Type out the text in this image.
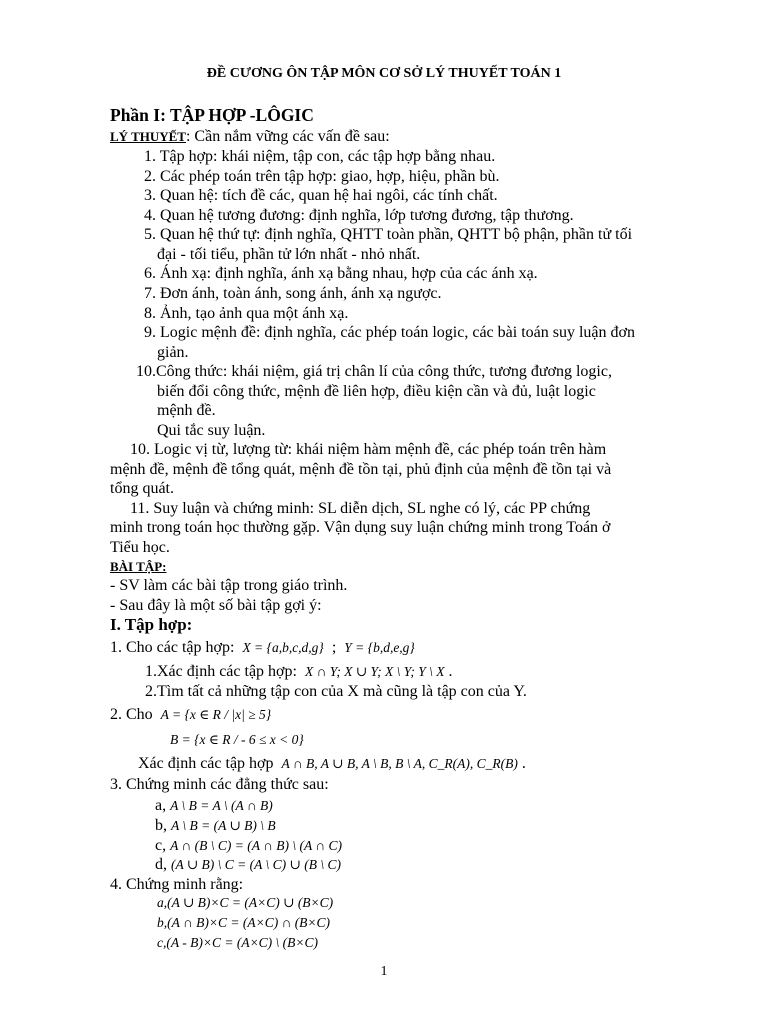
ĐỀ CƯƠNG ÔN TẬP MÔN CƠ SỞ LÝ THUYẾT TOÁN 1
Phần I: TẬP HỢP -LÔGIC
LÝ THUYẾT: Cần nắm vững các vấn đề sau:
1. Tập hợp: khái niệm, tập con, các tập hợp bằng nhau.
2. Các phép toán trên tập hợp: giao, hợp, hiệu, phần bù.
3. Quan hệ: tích đề các, quan hệ hai ngôi, các tính chất.
4. Quan hệ tương đương: định nghĩa, lớp tương đương, tập thương.
5. Quan hệ thứ tự: định nghĩa, QHTT toàn phần, QHTT bộ phận, phần tử tối
đại - tối tiểu, phần tử lớn nhất - nhỏ nhất.
6. Ánh xạ: định nghĩa, ánh xạ bằng nhau, hợp của các ánh xạ.
7. Đơn ánh, toàn ánh, song ánh, ánh xạ ngược.
8. Ảnh, tạo ảnh qua một ánh xạ.
9. Logic mệnh đề: định nghĩa, các phép toán logic, các bài toán suy luận đơn
giản.
10.Công thức: khái niệm, giá trị chân lí của công thức, tương đương logic,
biến đổi công thức, mệnh đề liên hợp, điều kiện cần và đủ, luật logic
mệnh đề.
Qui tắc suy luận.
10. Logic vị từ, lượng từ: khái niệm hàm mệnh đề, các phép toán trên hàm
mệnh đề, mệnh đề tổng quát, mệnh đề tồn tại, phủ định của mệnh đề tồn tại và
tổng quát.
11. Suy luận và chứng minh: SL diễn dịch, SL nghe có lý, các PP chứng
minh trong toán học thường gặp. Vận dụng suy luận chứng minh trong Toán ở
Tiểu học.
BÀI TẬP:
- SV làm các bài tập trong giáo trình.
- Sau đây là một số bài tập gợi ý:
I. Tập hợp:
1. Cho các tập hợp: X = {a,b,c,d,g} ; Y = {b,d,e,g}
1.Xác định các tập hợp: X ∩ Y; X ∪ Y; X \ Y; Y \ X .
2.Tìm tất cả những tập con của X mà cũng là tập con của Y.
2. Cho A = {x ∈ R / |x| ≥ 5}
B = {x ∈ R / - 6 ≤ x < 0}
Xác định các tập hợp A ∩ B, A ∪ B, A \ B, B \ A, C_R(A), C_R(B) .
3. Chứng minh các đẳng thức sau:
a, A \ B = A \ (A ∩ B)
b, A \ B = (A ∪ B) \ B
c, A ∩ (B \ C) = (A ∩ B) \ (A ∩ C)
d, (A ∪ B) \ C = (A \ C) ∪ (B \ C)
4. Chứng minh rằng:
a,(A ∪ B)×C = (A×C) ∪ (B×C)
b,(A ∩ B)×C = (A×C) ∩ (B×C)
c,(A - B)×C = (A×C) \ (B×C)
1
